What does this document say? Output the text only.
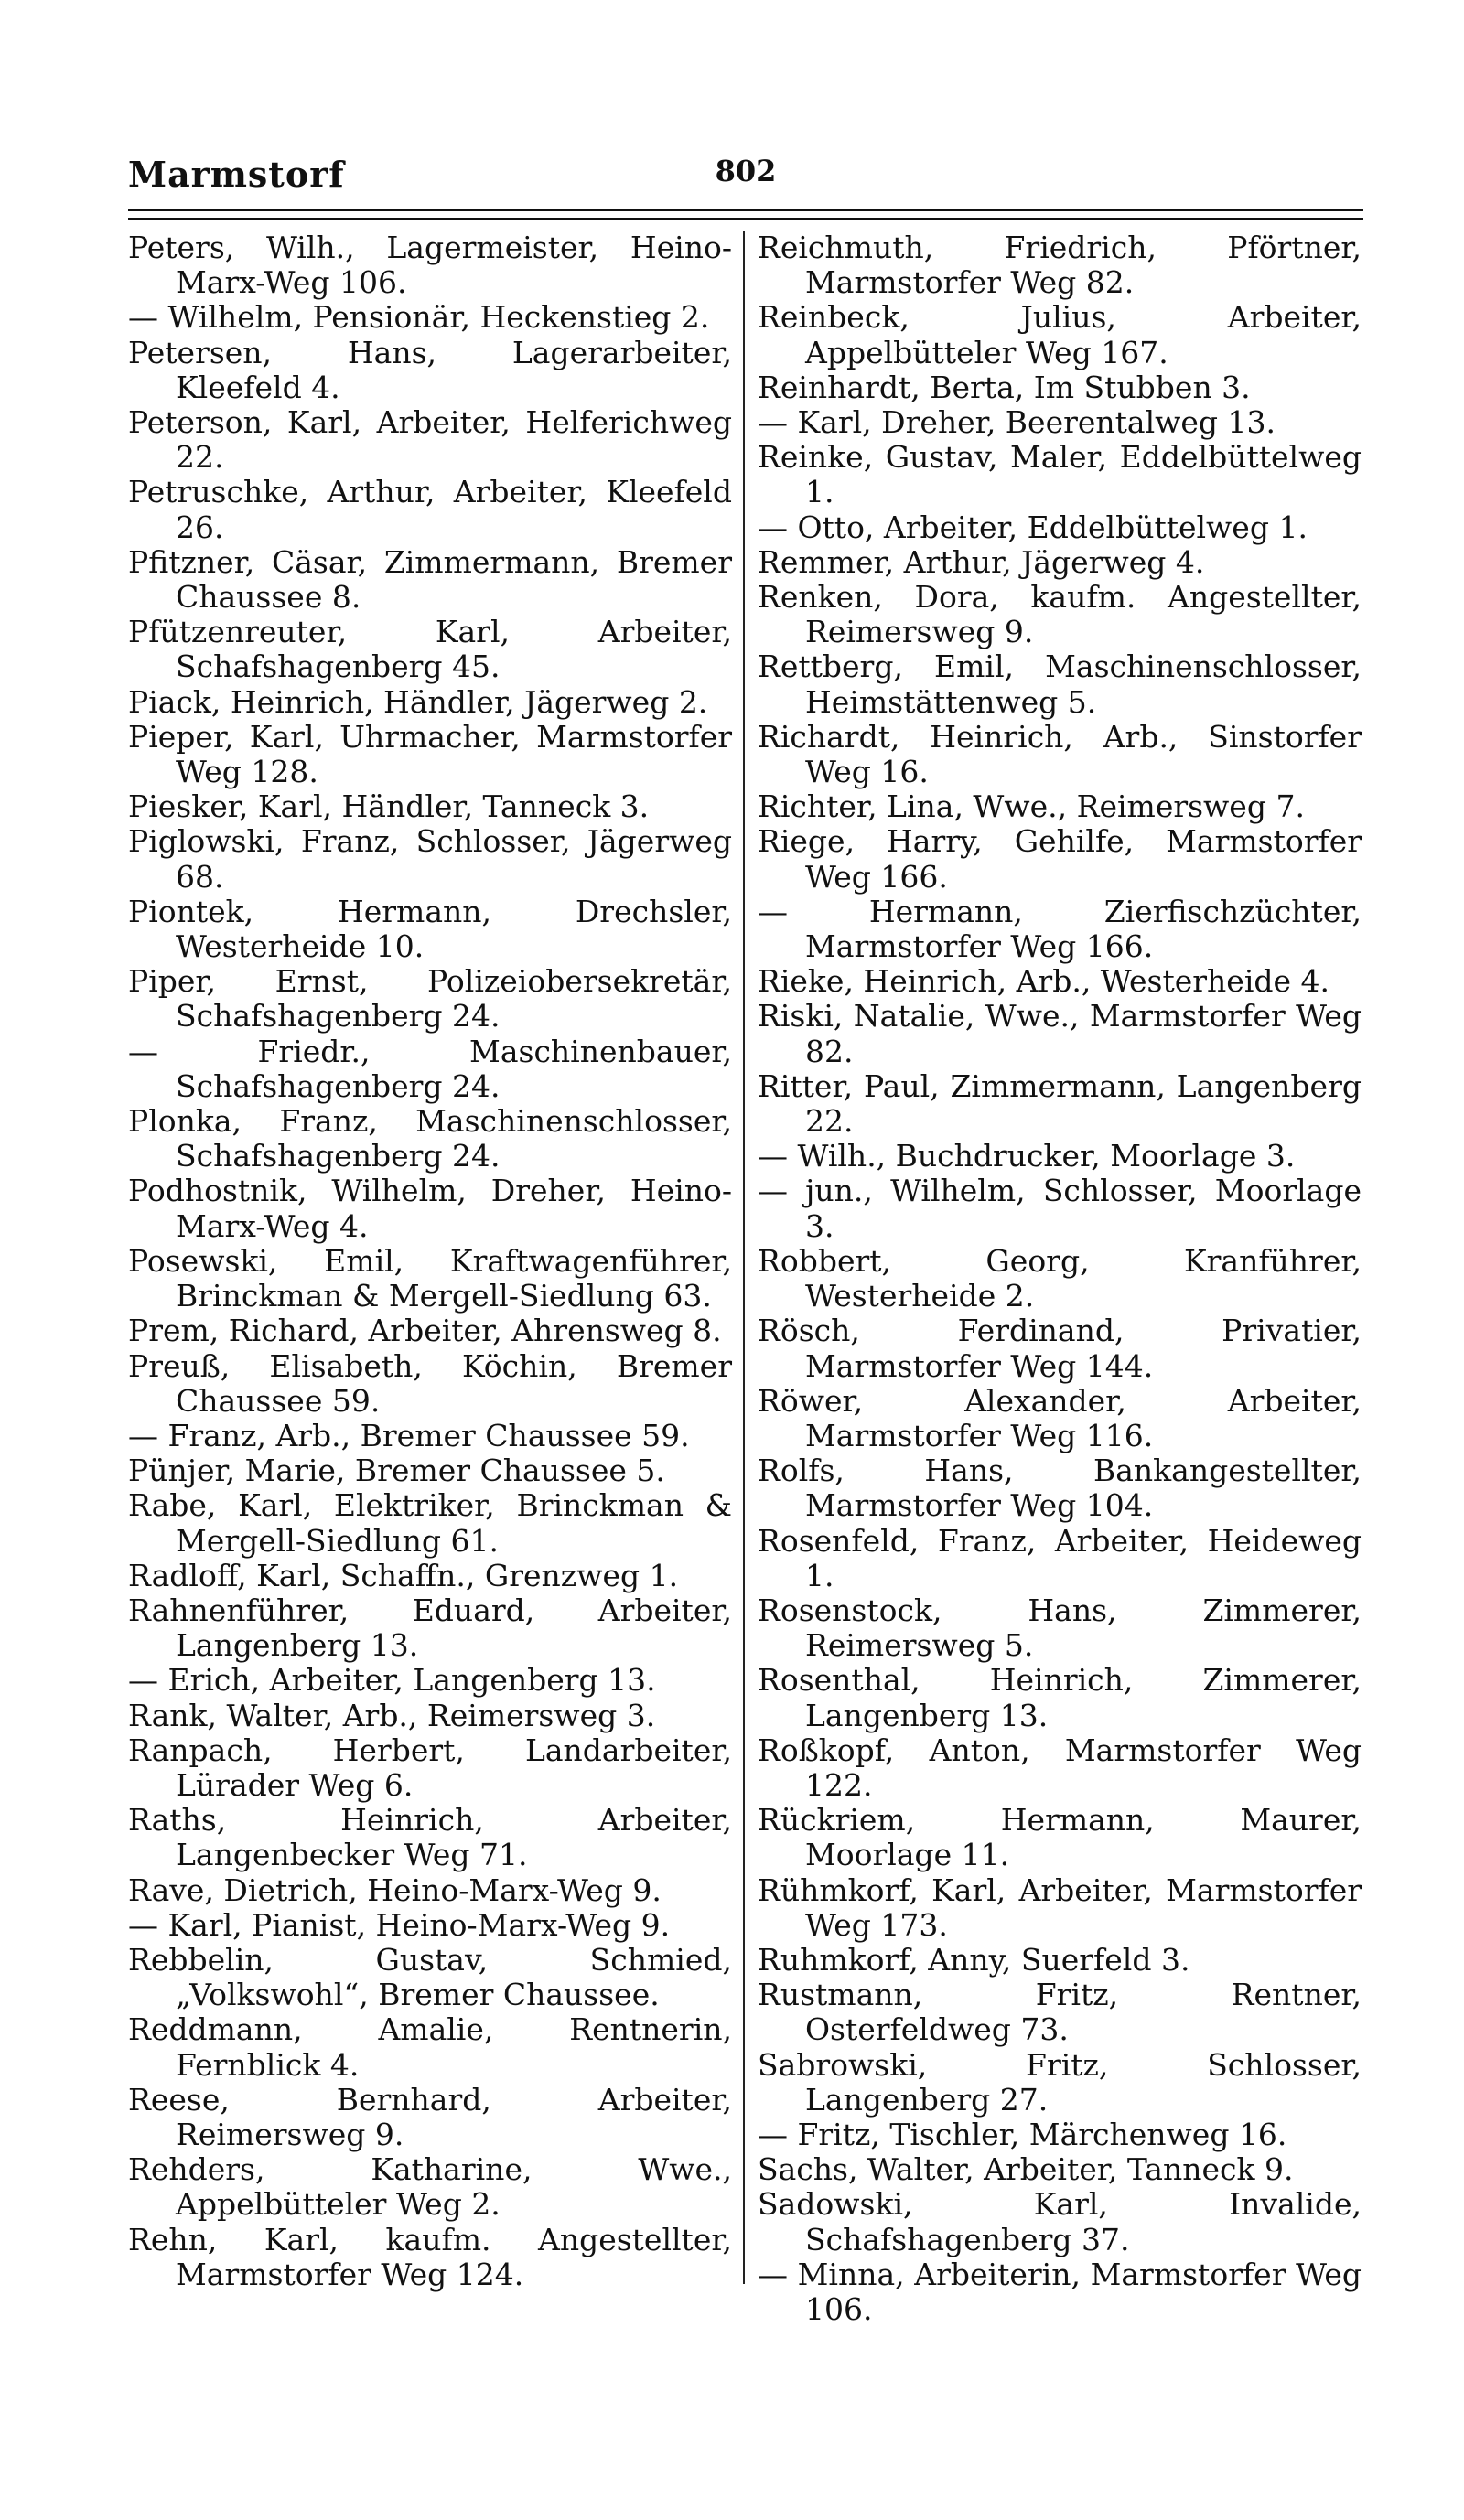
Marmstorf	802

Peters, Wilh., Lagermeister, Heino-Marx-Weg 106.

— Wilhelm, Pensionär, Heckenstieg 2.

Petersen, Hans, Lagerarbeiter, Kleefeld 4.

Peterson, Karl, Arbeiter, Helferichweg 22.

Petruschke, Arthur, Arbeiter, Kleefeld 26.

Pfitzner, Cäsar, Zimmermann, Bremer Chaussee 8.

Pfützenreuter, Karl, Arbeiter, Schafshagenberg 45.

Piack, Heinrich, Händler, Jägerweg 2.

Pieper, Karl, Uhrmacher, Marmstorfer Weg 128.

Piesker, Karl, Händler, Tanneck 3.

Piglowski, Franz, Schlosser, Jägerweg 68.

Piontek, Hermann, Drechsler, Westerheide 10.

Piper, Ernst, Polizeiobersekretär, Schafshagenberg 24.

— Friedr., Maschinenbauer, Schafshagenberg 24.

Plonka, Franz, Maschinenschlosser, Schafshagenberg 24.

Podhostnik, Wilhelm, Dreher, Heino-Marx-Weg 4.

Posewski, Emil, Kraftwagenführer, Brinckman & Mergell-Siedlung 63.

Prem, Richard, Arbeiter, Ahrensweg 8.

Preuß, Elisabeth, Köchin, Bremer Chaussee 59.

— Franz, Arb., Bremer Chaussee 59.

Pünjer, Marie, Bremer Chaussee 5.

Rabe, Karl, Elektriker, Brinckman & Mergell-Siedlung 61.

Radloff, Karl, Schaffn., Grenzweg 1.

Rahnenführer, Eduard, Arbeiter, Langenberg 13.

— Erich, Arbeiter, Langenberg 13.

Rank, Walter, Arb., Reimersweg 3.

Ranpach, Herbert, Landarbeiter, Lürader Weg 6.

Raths, Heinrich, Arbeiter, Langenbecker Weg 71.

Rave, Dietrich, Heino-Marx-Weg 9.

— Karl, Pianist, Heino-Marx-Weg 9.

Rebbelin, Gustav, Schmied, „Volkswohl“, Bremer Chaussee.

Reddmann, Amalie, Rentnerin, Fernblick 4.

Reese, Bernhard, Arbeiter, Reimersweg 9.

Rehders, Katharine, Wwe., Appelbütteler Weg 2.

Rehn, Karl, kaufm. Angestellter, Marmstorfer Weg 124.

Reichmuth, Friedrich, Pförtner, Marmstorfer Weg 82.

Reinbeck, Julius, Arbeiter, Appelbütteler Weg 167.

Reinhardt, Berta, Im Stubben 3.

— Karl, Dreher, Beerentalweg 13.

Reinke, Gustav, Maler, Eddelbüttelweg 1.

— Otto, Arbeiter, Eddelbüttelweg 1.

Remmer, Arthur, Jägerweg 4.

Renken, Dora, kaufm. Angestellter, Reimersweg 9.

Rettberg, Emil, Maschinenschlosser, Heimstättenweg 5.

Richardt, Heinrich, Arb., Sinstorfer Weg 16.

Richter, Lina, Wwe., Reimersweg 7.

Riege, Harry, Gehilfe, Marmstorfer Weg 166.

— Hermann, Zierfischzüchter, Marmstorfer Weg 166.

Rieke, Heinrich, Arb., Westerheide 4.

Riski, Natalie, Wwe., Marmstorfer Weg 82.

Ritter, Paul, Zimmermann, Langenberg 22.

— Wilh., Buchdrucker, Moorlage 3.

— jun., Wilhelm, Schlosser, Moorlage 3.

Robbert, Georg, Kranführer, Westerheide 2.

Rösch, Ferdinand, Privatier, Marmstorfer Weg 144.

Röwer, Alexander, Arbeiter, Marmstorfer Weg 116.

Rolfs, Hans, Bankangestellter, Marmstorfer Weg 104.

Rosenfeld, Franz, Arbeiter, Heideweg 1.

Rosenstock, Hans, Zimmerer, Reimersweg 5.

Rosenthal, Heinrich, Zimmerer, Langenberg 13.

Roßkopf, Anton, Marmstorfer Weg 122.

Rückriem, Hermann, Maurer, Moorlage 11.

Rühmkorf, Karl, Arbeiter, Marmstorfer Weg 173.

Ruhmkorf, Anny, Suerfeld 3.

Rustmann, Fritz, Rentner, Osterfeldweg 73.

Sabrowski, Fritz, Schlosser, Langenberg 27.

— Fritz, Tischler, Märchenweg 16.

Sachs, Walter, Arbeiter, Tanneck 9.

Sadowski, Karl, Invalide, Schafshagenberg 37.

— Minna, Arbeiterin, Marmstorfer Weg 106.
